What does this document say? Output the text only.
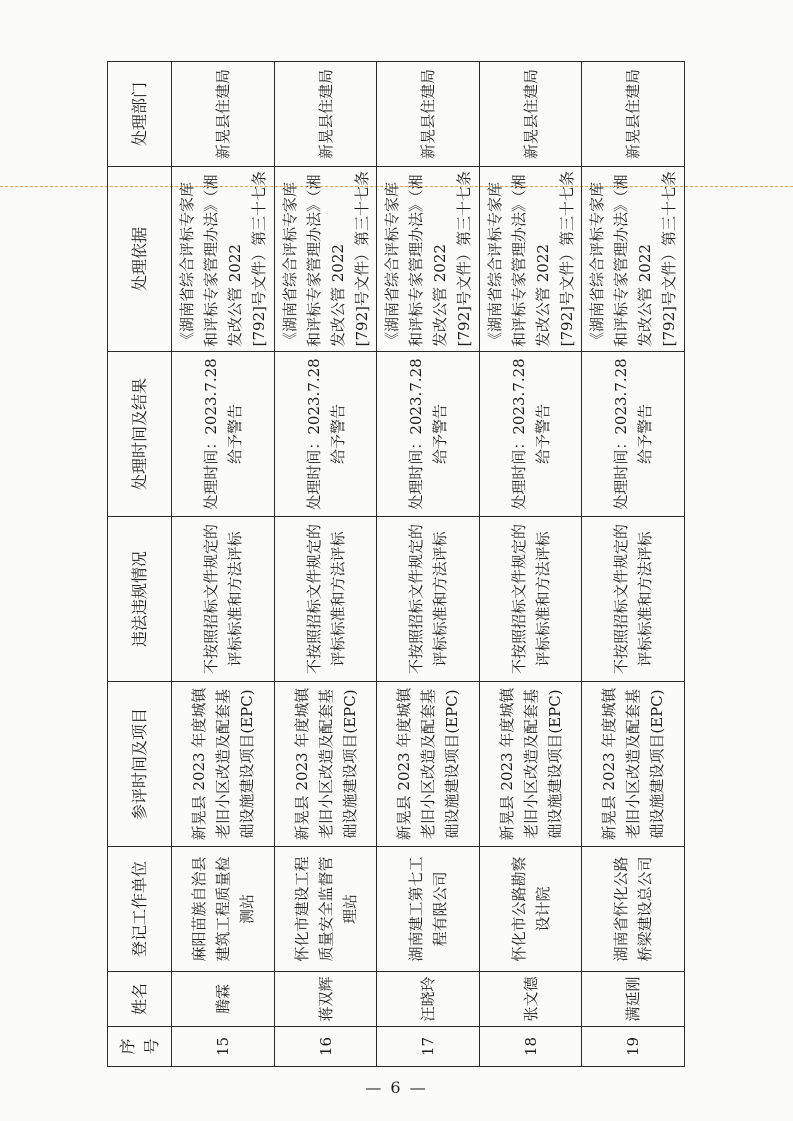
序号	姓名	登记工作单位	参评时间及项目	违法违规情况	处理时间及结果	处理依据	处理部门
15	腾霖	麻阳苗族自治县建筑工程质量检测站	新晃县 2023 年度城镇老旧小区改造及配套基础设施建设项目(EPC)	不按照招标文件规定的评标标准和方法评标	处理时间：2023.7.28 给予警告	《湖南省综合评标专家库和评标专家管理办法》（湘发改公管 2022 [792]号文件）第三十七条	新晃县住建局
16	蒋双辉	怀化市建设工程质量安全监督管理站	新晃县 2023 年度城镇老旧小区改造及配套基础设施建设项目(EPC)	不按照招标文件规定的评标标准和方法评标	处理时间：2023.7.28 给予警告	《湖南省综合评标专家库和评标专家管理办法》（湘发改公管 2022 [792]号文件）第三十七条	新晃县住建局
17	汪晓玲	湖南建工第七工程有限公司	新晃县 2023 年度城镇老旧小区改造及配套基础设施建设项目(EPC)	不按照招标文件规定的评标标准和方法评标	处理时间：2023.7.28 给予警告	《湖南省综合评标专家库和评标专家管理办法》（湘发改公管 2022 [792]号文件）第三十七条	新晃县住建局
18	张文德	怀化市公路勘察设计院	新晃县 2023 年度城镇老旧小区改造及配套基础设施建设项目(EPC)	不按照招标文件规定的评标标准和方法评标	处理时间：2023.7.28 给予警告	《湖南省综合评标专家库和评标专家管理办法》（湘发改公管 2022 [792]号文件）第三十七条	新晃县住建局
19	满延刚	湖南省怀化公路桥梁建设总公司	新晃县 2023 年度城镇老旧小区改造及配套基础设施建设项目(EPC)	不按照招标文件规定的评标标准和方法评标	处理时间：2023.7.28 给予警告	《湖南省综合评标专家库和评标专家管理办法》（湘发改公管 2022 [792]号文件）第三十七条	新晃县住建局
— 6 —
